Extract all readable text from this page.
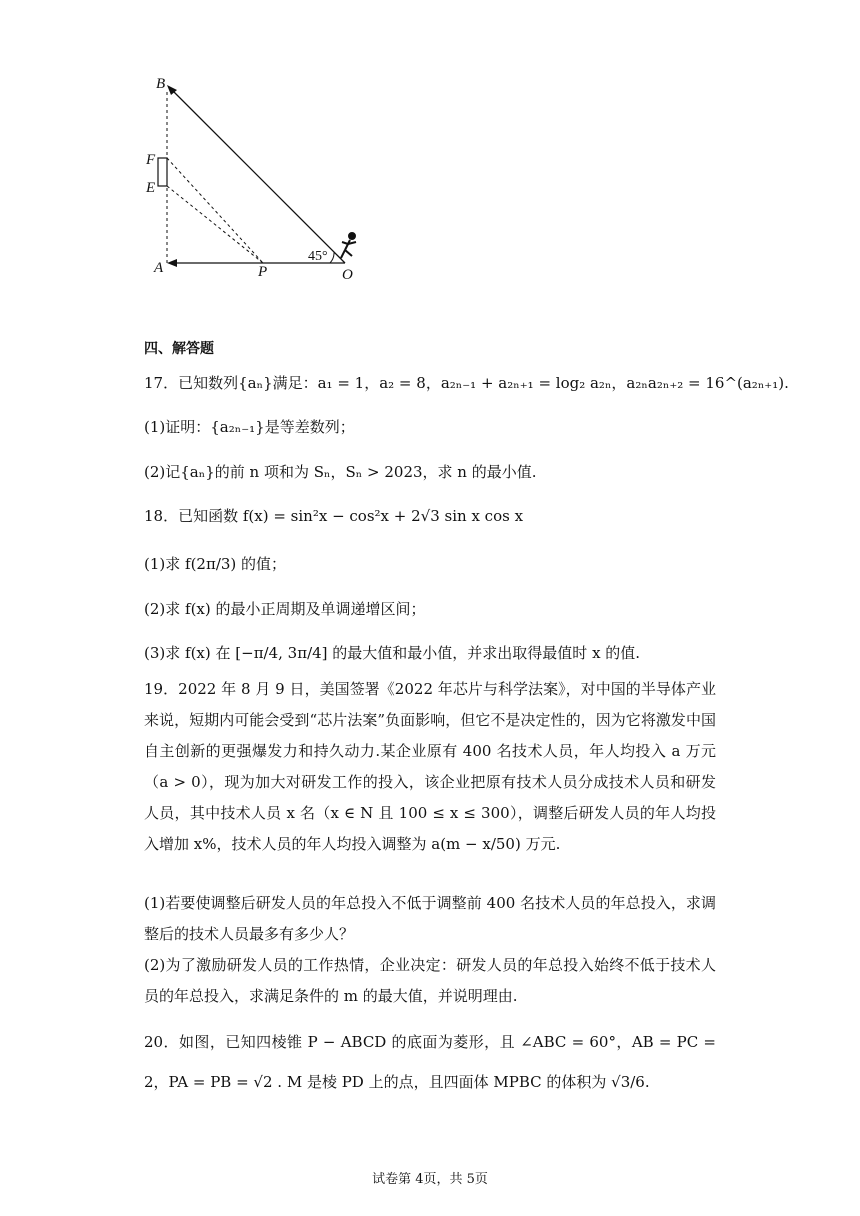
B
F
E
A	P	O
45°
四、解答题
17．已知数列{aₙ}满足：a₁ = 1，a₂ = 8，a₂ₙ₋₁ + a₂ₙ₊₁ = log₂ a₂ₙ，a₂ₙa₂ₙ₊₂ = 16^(a₂ₙ₊₁).
(1)证明：{a₂ₙ₋₁}是等差数列；
(2)记{aₙ}的前 n 项和为 Sₙ，Sₙ > 2023，求 n 的最小值.
18．已知函数 f(x) = sin²x − cos²x + 2√3 sin x cos x
(1)求 f(2π/3) 的值；
(2)求 f(x) 的最小正周期及单调递增区间；
(3)求 f(x) 在 [−π/4, 3π/4] 的最大值和最小值，并求出取得最值时 x 的值.
19．2022 年 8 月 9 日，美国签署《2022 年芯片与科学法案》，对中国的半导体产业来说，短期内可能会受到“芯片法案”负面影响，但它不是决定性的，因为它将激发中国自主创新的更强爆发力和持久动力.某企业原有 400 名技术人员，年人均投入 a 万元（a > 0），现为加大对研发工作的投入，该企业把原有技术人员分成技术人员和研发人员，其中技术人员 x 名（x ∈ N 且 100 ≤ x ≤ 300），调整后研发人员的年人均投入增加 x%，技术人员的年人均投入调整为 a(m − x/50) 万元.
(1)若要使调整后研发人员的年总投入不低于调整前 400 名技术人员的年总投入，求调整后的技术人员最多有多少人？
(2)为了激励研发人员的工作热情，企业决定：研发人员的年总投入始终不低于技术人员的年总投入，求满足条件的 m 的最大值，并说明理由.
20．如图，已知四棱锥 P − ABCD 的底面为菱形，且 ∠ABC = 60°，AB = PC = 2，PA = PB = √2 . M 是棱 PD 上的点，且四面体 MPBC 的体积为 √3/6.
试卷第 4页，共 5页
